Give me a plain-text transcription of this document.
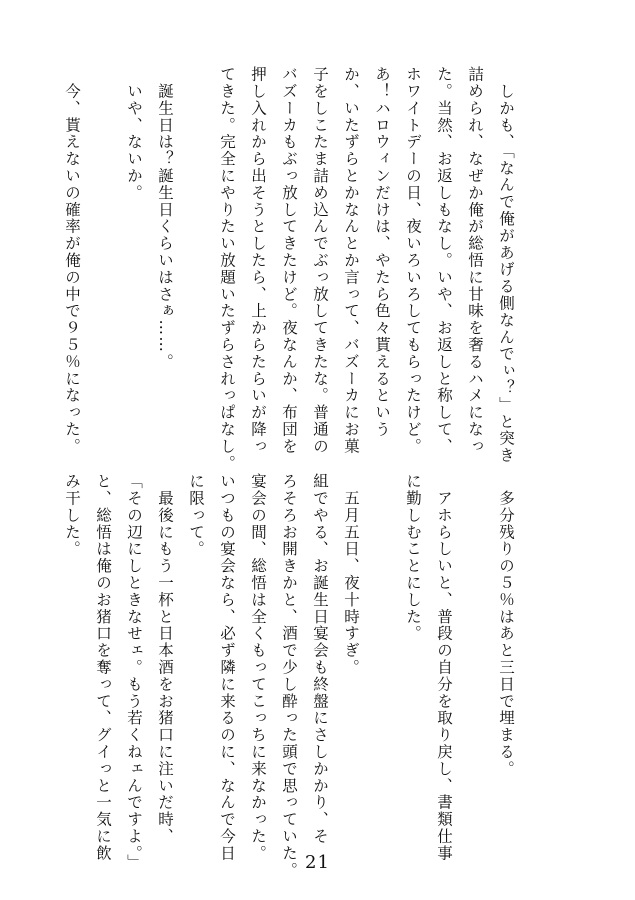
　しかも、「なんで俺があげる側なんでぃ？」と突き
詰められ、なぜか俺が総悟に甘味を奢るハメになっ
た。当然、お返しもなし。いや、お返しと称して、
ホワイトデーの日、夜いろいろしてもらったけど。
あ！ハロウィンだけは、やたら色々貰えるという
か、いたずらとかなんとか言って、バズーカにお菓
子をしこたま詰め込んでぶっ放してきたな。普通の
バズーカもぶっ放してきたけど。夜なんか、布団を
押し入れから出そうとしたら、上からたらいが降っ
てきた。完全にやりたい放題いたずらされっぱなし。
　誕生日は？誕生日くらいはさぁ……。
　いや、ないか。
　今、貰えないの確率が俺の中で９５％になった。
　多分残りの５％はあと三日で埋まる。
　アホらしいと、普段の自分を取り戻し、書類仕事
に勤しむことにした。
　五月五日、夜十時すぎ。
組でやる、お誕生日宴会も終盤にさしかかり、そ
ろそろお開きかと、酒で少し酔った頭で思っていた。
宴会の間、総悟は全くもってこっちに来なかった。
いつもの宴会なら、必ず隣に来るのに、なんで今日
に限って。
　最後にもう一杯と日本酒をお猪口に注いだ時、
「その辺にしときなせェ。もう若くねェんですよ。」
と、総悟は俺のお猪口を奪って、グイっと一気に飲
み干した。
21
